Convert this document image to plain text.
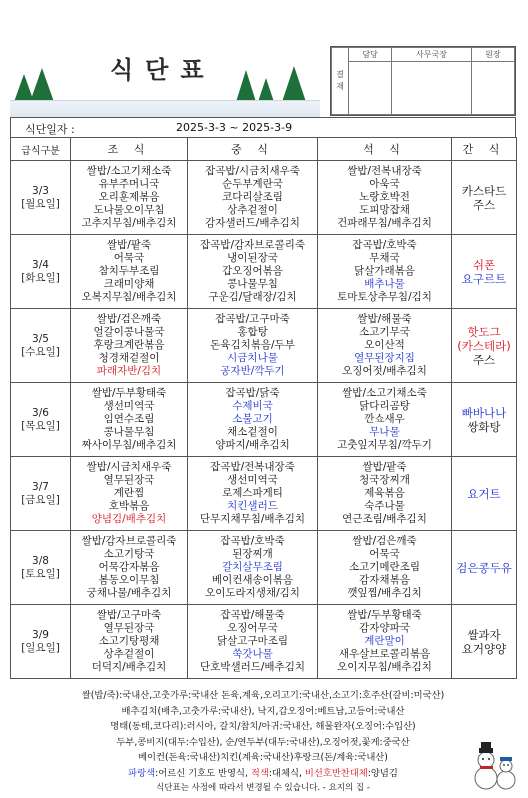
식단표	결재	담당	사무국장	원장

식단일자 :	2025-3-3 ~ 2025-3-9
급식구분	조 식	중 식	석 식	간 식

3/3
[월요일]	쌀밥/소고기채소죽
유부주머니국
오리훈제볶음
도나물오이무침
고추지무침/배추김치	잡곡밥/시금치새우죽
순두부계란국
코다리살조림
상추겉절이
감자샐러드/배추김치	쌀밥/전복내장죽
아욱국
노랑호박전
도피망잡채
건파래무침/배추김치	카스타드
주스

3/4
[화요일]	쌀밥/팥죽
어묵국
참치두부조림
크래미양채
오복지무침/배추김치	잡곡밥/감자브로콜리죽
냉이된장국
갑오징어볶음
콩나물무침
구운김/달래장/김치	잡곡밥/호박죽
무채국
닭살가래볶음
배추나물
토마토상추무침/김치	쉬폰
요구르트

3/5
[수요일]	쌀밥/검은깨죽
얼갈이콩나물국
후랑크계란볶음
청경채겉절이
파래자반/김치	잡곡밥/고구마죽
홍합탕
돈육김치볶음/두부
시금치나물
공자반/깍두기	쌀밥/해물죽
소고기무국
오이산적
열무된장지짐
오징어젓/배추김치	핫도그
(카스테라)
주스

3/6
[목요일]	쌀밥/두부황태죽
생선미역국
임연수조림
콩나물무침
짜사이무침/배추김치	잡곡밥/닭죽
수제비국
소불고기
채소겉절이
양파지/배추김치	쌀밥/소고기채소죽
닭다리곰탕
깐쇼새우
무나물
고춧잎지무침/깍두기	빠바나나
쌍화탕

3/7
[금요일]	쌀밥/시금치새우죽
열무된장국
계란찜
호박볶음
양념김/배추김치	잡곡밥/전복내장죽
생선미역국
로제스파게티
치킨샐러드
단무지채무침/배추김치	쌀밥/팥죽
청국장찌개
제육볶음
숙주나물
연근조림/배추김치	요거트

3/8
[토요일]	쌀밥/감자브로콜리죽
소고기탕국
어묵감자볶음
봄동오이무침
궁채나물/배추김치	잡곡밥/호박죽
된장찌개
갈치살무조림
베이컨새송이볶음
오이도라지생채/김치	쌀밥/검은깨죽
어묵국
소고기메란조림
감자채볶음
깻잎찜/배추김치	검은콩두유

3/9
[일요일]	쌀밥/고구마죽
열무된장국
소고기탕평채
상추겉절이
더덕지/배추김치	잡곡밥/해물죽
오징어무국
닭살고구마조림
쑥갓나물
단호박샐러드/배추김치	쌀밥/두부황태죽
감자양파국
계란말이
새우살브로콜리볶음
오이지무침/배추김치	쌀과자
요거양양
쌀(밥/죽):국내산,고춧가루:국내산 돈육,계육,오리고기:국내산,소고기:호주산(갈비:미국산)
배추김치(배추,고춧가루:국내산), 낙지,갑오징어:베트남,고등어:국내산
명태(동태,코다리):러시아, 갈치/참치/아귀:국내산, 해물완자(오징어:수입산)
두부,콩비지(대두:수입산), 순/연두부(대두:국내산),오징어젓,꽃게:중국산
베이컨(돈육:국내산)치킨(계육:국내산)후랑크(돈/계육:국내산)
파랑색:어르신 기호도 반영식, 적색:대체식, 비선호반찬대체:양념김
식단표는 사정에 따라서 변경될 수 있습니다. - 요지의 집 -
